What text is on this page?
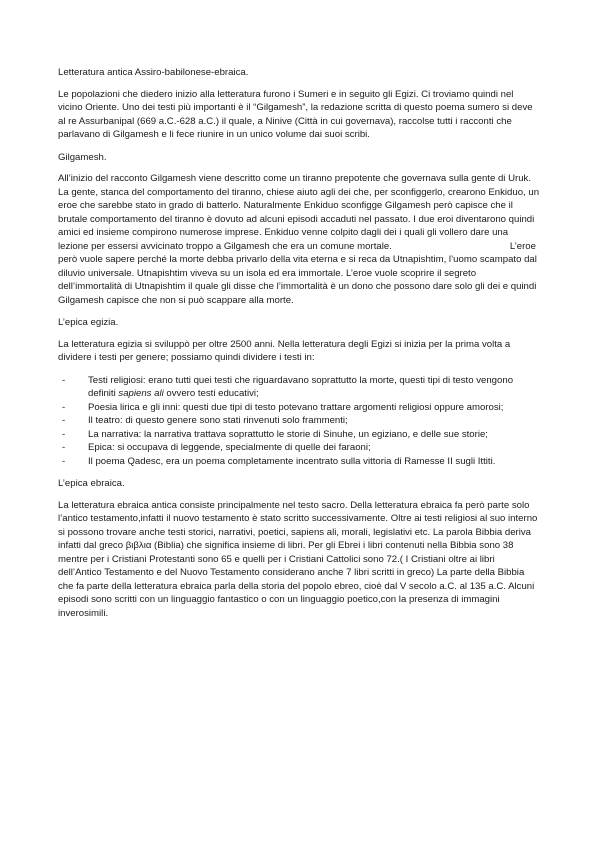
Letteratura antica Assiro-babilonese-ebraica.

Le popolazioni che diedero inizio alla letteratura furono i Sumeri e in seguito gli Egizi. Ci troviamo quindi nel vicino Oriente. Uno dei testi più importanti è il “Gilgamesh”, la redazione scritta di questo poema sumero si deve al re Assurbanipal (669 a.C.-628 a.C.) il quale, a Ninive (Città in cui governava), raccolse tutti i racconti che parlavano di Gilgamesh e li fece riunire in un unico volume dai suoi scribi.

Gilgamesh.

All’inizio del racconto Gilgamesh viene descritto come un tiranno prepotente che governava sulla gente di Uruk. La gente, stanca del comportamento del tiranno, chiese aiuto agli dei che, per sconfiggerlo, crearono Enkiduo, un eroe che sarebbe stato in grado di batterlo. Naturalmente Enkiduo sconfigge Gilgamesh però capisce che il brutale comportamento del tiranno è dovuto ad alcuni episodi accaduti nel passato. I due eroi diventarono quindi amici ed insieme compirono numerose imprese. Enkiduo venne colpito dagli dei i quali gli vollero dare una lezione per essersi avvicinato troppo a Gilgamesh che era un comune mortale.	L’eroe però vuole sapere perché la morte debba privarlo della vita eterna e si reca da Utnapishtim, l’uomo scampato dal diluvio universale. Utnapishtim viveva su un isola ed era immortale. L’eroe vuole scoprire il segreto dell’immortalità di Utnapishtim il quale gli disse che l’immortalità è un dono che possono dare solo gli dei e quindi Gilgamesh capisce che non si può scappare alla morte.

L’epica egizia.

La letteratura egizia si sviluppò per oltre 2500 anni. Nella letteratura degli Egizi si inizia per la prima volta a dividere i testi per genere; possiamo quindi dividere i testi in:

- Testi religiosi: erano tutti quei testi che riguardavano soprattutto la morte, questi tipi di testo vengono definiti sapiens ali ovvero testi educativi;
- Poesia lirica e gli inni: questi due tipi di testo potevano trattare argomenti religiosi oppure amorosi;
- Il teatro: di questo genere sono stati rinvenuti solo frammenti;
- La narrativa: la narrativa trattava soprattutto le storie di Sinuhe, un egiziano, e delle sue storie;
- Epica: si occupava di leggende, specialmente di quelle dei faraoni;
- Il poema Qadesc, era un poema completamente incentrato sulla vittoria di Ramesse II sugli Ittiti.

L’epica ebraica.

La letteratura ebraica antica consiste principalmente nel testo sacro. Della letteratura ebraica fa però parte solo l’antico testamento,infatti il nuovo testamento è stato scritto successivamente. Oltre ai testi religiosi al suo interno si possono trovare anche testi storici, narrativi, poetici, sapiens ali, morali, legislativi etc. La parola Bibbia deriva infatti dal greco βιβλια (Biblia) che significa insieme di libri. Per gli Ebrei i libri contenuti nella Bibbia sono 38 mentre per i Cristiani Protestanti sono 65 e quelli per i Cristiani Cattolici sono 72.( I Cristiani oltre ai libri dell’Antico Testamento e del Nuovo Testamento considerano anche 7 libri scritti in greco) La parte della Bibbia che fa parte della letteratura ebraica parla della storia del popolo ebreo, cioè dal V secolo a.C. al 135 a.C. Alcuni episodi sono scritti con un linguaggio fantastico o con un linguaggio poetico,con la presenza di immagini inverosimili.
